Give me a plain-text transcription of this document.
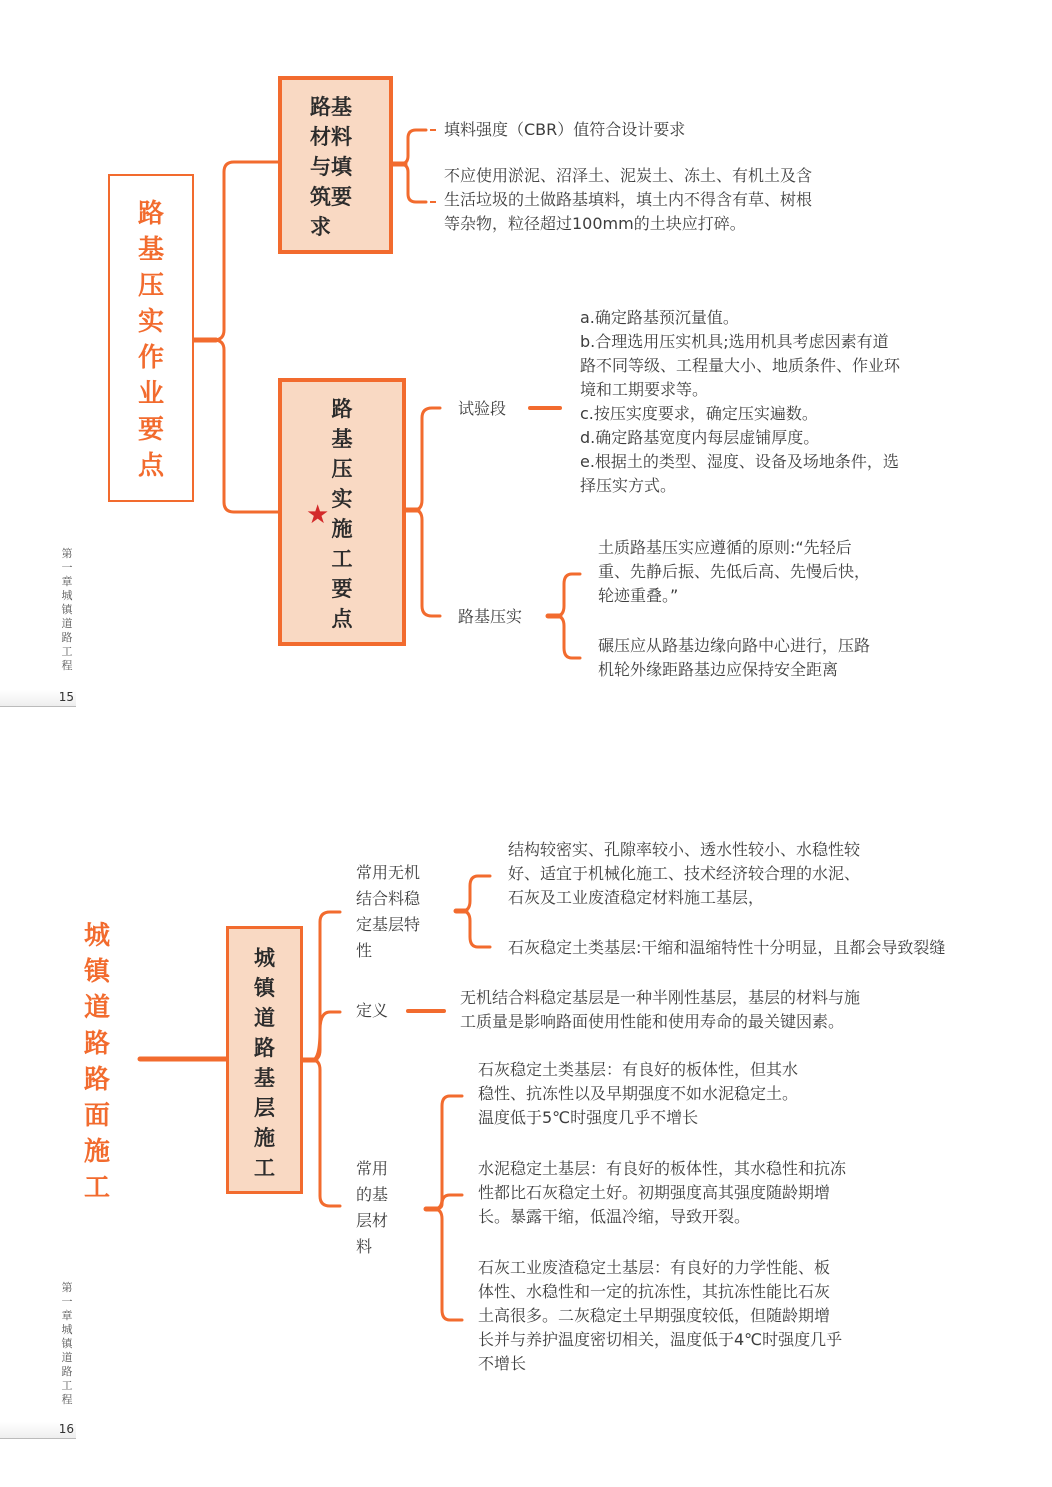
路
基
压
实
作
业
要
点
路基
材料
与填
筑要
求
填料强度（CBR）值符合设计要求
不应使用淤泥、沼泽土、泥炭土、冻土、有机土及含
生活垃圾的土做路基填料，填土内不得含有草、树根
等杂物，粒径超过100mm的土块应打碎。
路
基
压
实
施
工
要
点
★
试验段
a.确定路基预沉量值。
b.合理选用压实机具;选用机具考虑因素有道
路不同等级、工程量大小、地质条件、作业环
境和工期要求等。
c.按压实度要求，确定压实遍数。
d.确定路基宽度内每层虚铺厚度。
e.根据土的类型、湿度、设备及场地条件，选
择压实方式。
路基压实
土质路基压实应遵循的原则:“先轻后
重、先静后振、先低后高、先慢后快，
轮迹重叠。”
碾压应从路基边缘向路中心进行，压路
机轮外缘距路基边应保持安全距离
第
一
章
城
镇
道
路
工
程
15
城
镇
道
路
路
面
施
工
城
镇
道
路
基
层
施
工
常用无机
结合料稳
定基层特
性
结构较密实、孔隙率较小、透水性较小、水稳性较
好、适宜于机械化施工、技术经济较合理的水泥、
石灰及工业废渣稳定材料施工基层，
石灰稳定土类基层:干缩和温缩特性十分明显，且都会导致裂缝
定义
无机结合料稳定基层是一种半刚性基层，基层的材料与施
工质量是影响路面使用性能和使用寿命的最关键因素。
常用
的基
层材
料
石灰稳定土类基层：有良好的板体性，但其水
稳性、抗冻性以及早期强度不如水泥稳定土。
温度低于5℃时强度几乎不增长
水泥稳定土基层：有良好的板体性，其水稳性和抗冻
性都比石灰稳定土好。初期强度高其强度随龄期增
长。暴露干缩，低温冷缩，导致开裂。
石灰工业废渣稳定土基层：有良好的力学性能、板
体性、水稳性和一定的抗冻性，其抗冻性能比石灰
土高很多。二灰稳定土早期强度较低，但随龄期增
长并与养护温度密切相关，温度低于4℃时强度几乎
不增长
第
一
章
城
镇
道
路
工
程
16
